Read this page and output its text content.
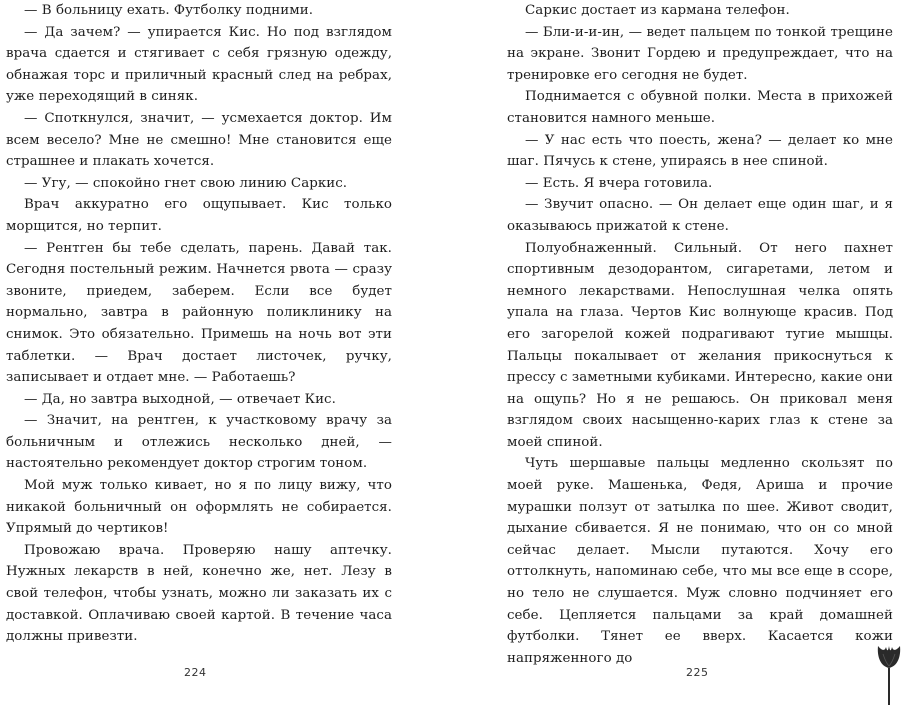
— В больницу ехать. Футболку подними.

— Да зачем? — упирается Кис. Но под взглядом врача сдается и стягивает с себя грязную одежду, обнажая торс и приличный красный след на ребрах, уже переходящий в синяк.

— Споткнулся, значит, — усмехается доктор. Им всем весело? Мне не смешно! Мне становится еще страшнее и плакать хочется.

— Угу, — спокойно гнет свою линию Саркис.

Врач аккуратно его ощупывает. Кис только морщится, но терпит.

— Рентген бы тебе сделать, парень. Давай так. Сегодня постельный режим. Начнется рвота — сразу звоните, приедем, заберем. Если все будет нормально, завтра в районную поликлинику на снимок. Это обязательно. Примешь на ночь вот эти таблетки. — Врач достает листочек, ручку, записывает и отдает мне. — Работаешь?

— Да, но завтра выходной, — отвечает Кис.

— Значит, на рентген, к участковому врачу за больничным и отлежись несколько дней, — настоятельно рекомендует доктор строгим тоном.

Мой муж только кивает, но я по лицу вижу, что никакой больничный он оформлять не собирается. Упрямый до чертиков!

Провожаю врача. Проверяю нашу аптечку. Нужных лекарств в ней, конечно же, нет. Лезу в свой телефон, чтобы узнать, можно ли заказать их с доставкой. Оплачиваю своей картой. В течение часа должны привезти.

Саркис достает из кармана телефон.

— Бли-и-и-ин, — ведет пальцем по тонкой трещине на экране. Звонит Гордею и предупреждает, что на тренировке его сегодня не будет.

Поднимается с обувной полки. Места в прихожей становится намного меньше.

— У нас есть что поесть, жена? — делает ко мне шаг. Пячусь к стене, упираясь в нее спиной.

— Есть. Я вчера готовила.

— Звучит опасно. — Он делает еще один шаг, и я оказываюсь прижатой к стене.

Полуобнаженный. Сильный. От него пахнет спортивным дезодорантом, сигаретами, летом и немного лекарствами. Непослушная челка опять упала на глаза. Чертов Кис волнующе красив. Под его загорелой кожей подрагивают тугие мышцы. Пальцы покалывает от желания прикоснуться к прессу с заметными кубиками. Интересно, какие они на ощупь? Но я не решаюсь. Он приковал меня взглядом своих насыщенно-карих глаз к стене за моей спиной.

Чуть шершавые пальцы медленно скользят по моей руке. Машенька, Федя, Ариша и прочие мурашки ползут от затылка по шее. Живот сводит, дыхание сбивается. Я не понимаю, что он со мной сейчас делает. Мысли путаются. Хочу его оттолкнуть, напоминаю себе, что мы все еще в ссоре, но тело не слушается. Муж словно подчиняет его себе. Цепляется пальцами за край домашней футболки. Тянет ее вверх. Касается кожи напряженного до

224	225
